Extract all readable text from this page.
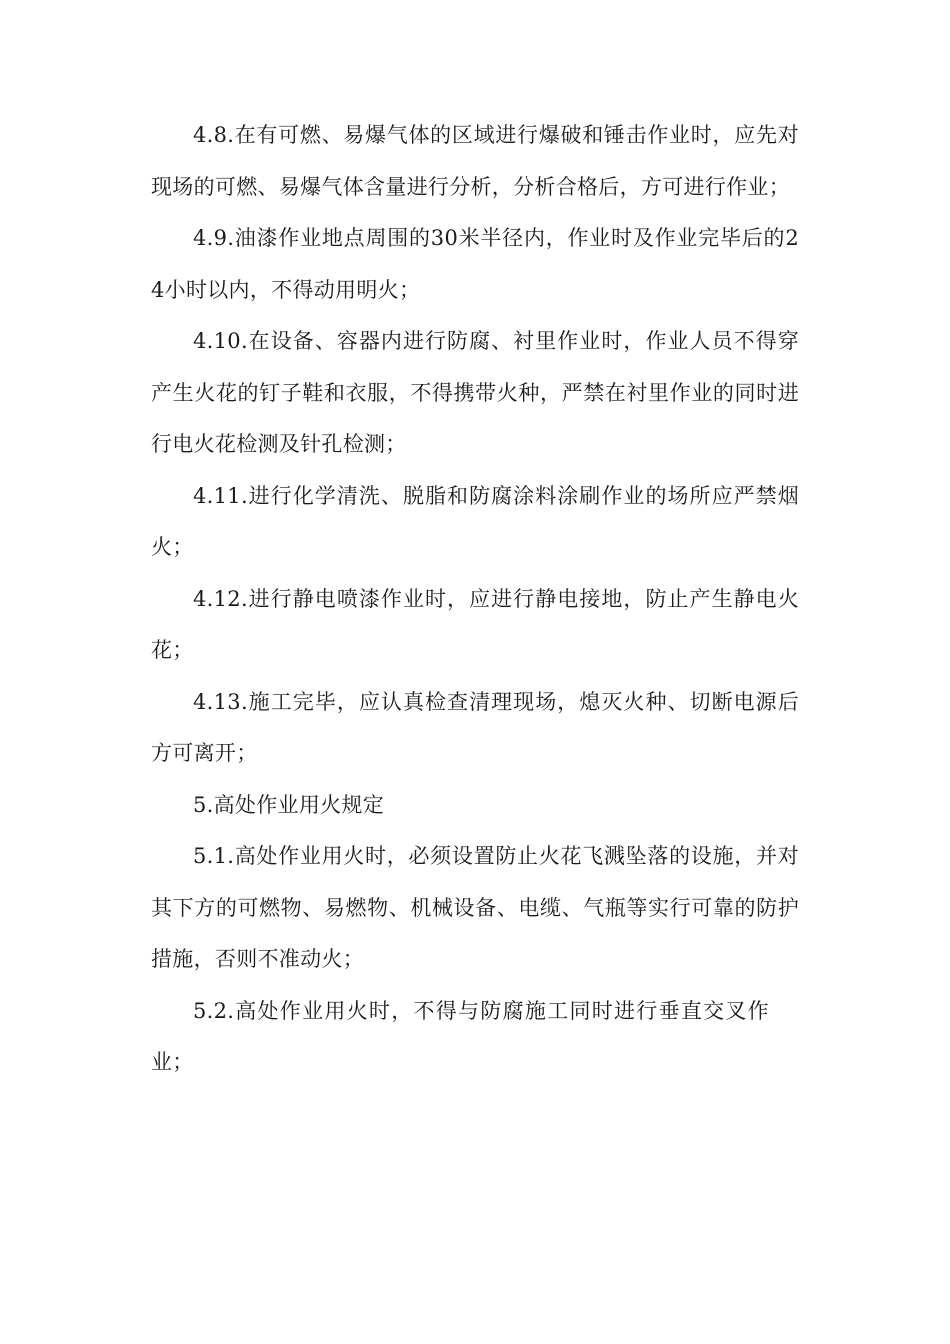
4.8.在有可燃、易爆气体的区域进行爆破和锤击作业时，应先对现场的可燃、易爆气体含量进行分析，分析合格后，方可进行作业；

4.9.油漆作业地点周围的30米半径内，作业时及作业完毕后的24小时以内，不得动用明火；

4.10.在设备、容器内进行防腐、衬里作业时，作业人员不得穿产生火花的钉子鞋和衣服，不得携带火种，严禁在衬里作业的同时进行电火花检测及针孔检测；

4.11.进行化学清洗、脱脂和防腐涂料涂刷作业的场所应严禁烟火；

4.12.进行静电喷漆作业时，应进行静电接地，防止产生静电火花；

4.13.施工完毕，应认真检查清理现场，熄灭火种、切断电源后方可离开；

5.高处作业用火规定

5.1.高处作业用火时，必须设置防止火花飞溅坠落的设施，并对其下方的可燃物、易燃物、机械设备、电缆、气瓶等实行可靠的防护措施，否则不准动火；

5.2.高处作业用火时，不得与防腐施工同时进行垂直交叉作业；
